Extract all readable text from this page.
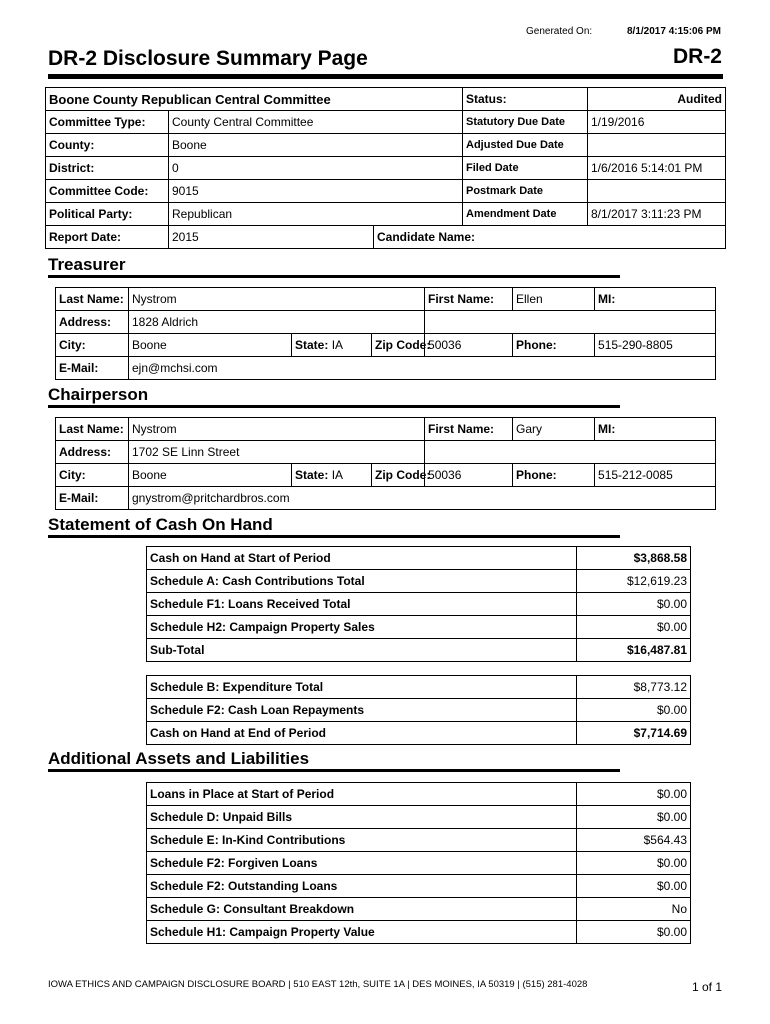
Generated On:	8/1/2017 4:15:06 PM
DR-2 Disclosure Summary Page	DR-2
Boone County Republican Central Committee	
Committee Type:	County Central Committee
County:	Boone
District:	0
Committee Code:	9015
Political Party:	Republican
Status:	Audited
Statutory Due Date	1/19/2016
Adjusted Due Date	
Filed Date	1/6/2016 5:14:01 PM
Postmark Date	
Amendment Date	8/1/2017 3:11:23 PM
Report Date:	2015	Candidate Name:
Treasurer
Last Name:	Nystrom			First Name:	Ellen	MI:
Address:	1828 Aldrich					
City:	Boone	State: IA	Zip Code:	50036	Phone:	515-290-8805
E-Mail:	ejn@mchsi.com					
Chairperson
Last Name:	Nystrom			First Name:	Gary	MI:
Address:	1702 SE Linn Street					
City:	Boone	State: IA	Zip Code:	50036	Phone:	515-212-0085
E-Mail:	gnystrom@pritchardbros.com					
Statement of Cash On Hand
Cash on Hand at Start of Period	$3,868.58
Schedule A: Cash Contributions Total	$12,619.23
Schedule F1: Loans Received Total	$0.00
Schedule H2: Campaign Property Sales	$0.00
Sub-Total	$16,487.81
Schedule B: Expenditure Total	$8,773.12
Schedule F2: Cash Loan Repayments	$0.00
Cash on Hand at End of Period	$7,714.69
Additional Assets and Liabilities
Loans in Place at Start of Period	$0.00
Schedule D: Unpaid Bills	$0.00
Schedule E: In-Kind Contributions	$564.43
Schedule F2: Forgiven Loans	$0.00
Schedule F2: Outstanding Loans	$0.00
Schedule G: Consultant Breakdown	No
Schedule H1: Campaign Property Value	$0.00
IOWA ETHICS AND CAMPAIGN DISCLOSURE BOARD | 510 EAST 12th, SUITE 1A | DES MOINES, IA 50319 | (515) 281-4028	1 of 1
